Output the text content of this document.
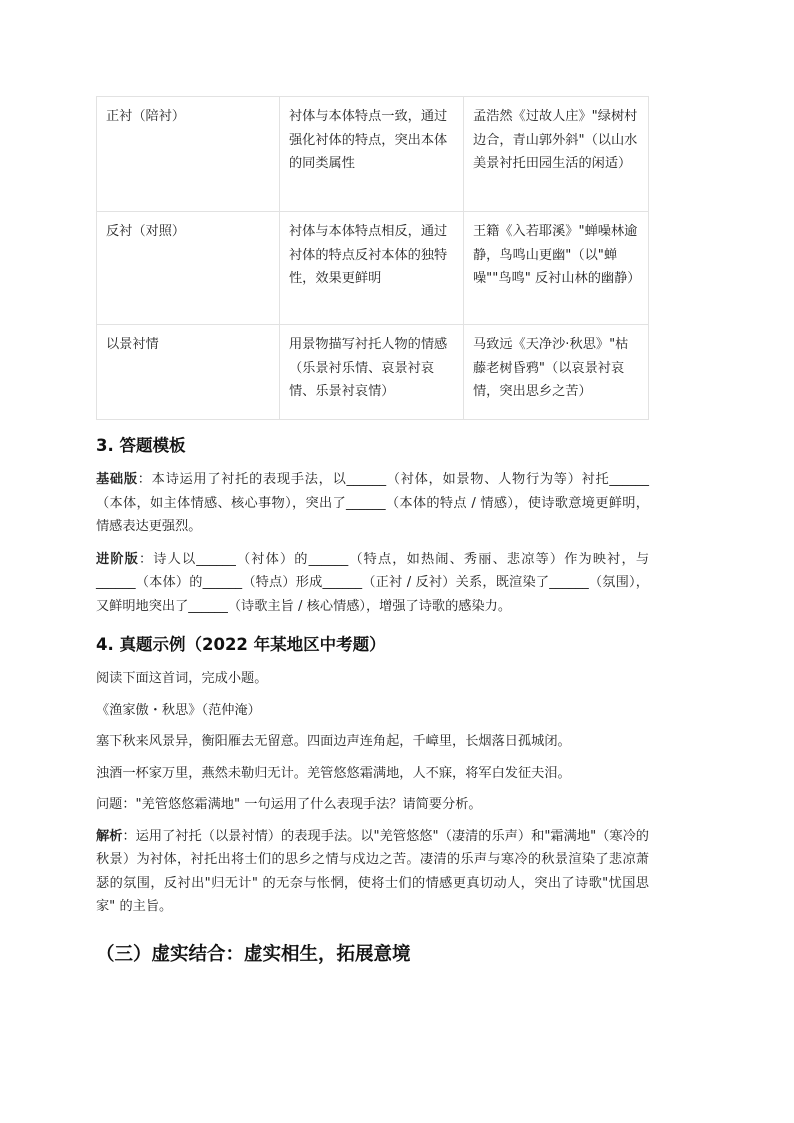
正衬（陪衬）	衬体与本体特点一致，通过强化衬体的特点，突出本体的同类属性	孟浩然《过故人庄》"绿树村边合，青山郭外斜"（以山水美景衬托田园生活的闲适）
反衬（对照）	衬体与本体特点相反，通过衬体的特点反衬本体的独特性，效果更鲜明	王籍《入若耶溪》"蝉噪林逾静，鸟鸣山更幽"（以"蝉噪""鸟鸣" 反衬山林的幽静）
以景衬情	用景物描写衬托人物的情感（乐景衬乐情、哀景衬哀情、乐景衬哀情）	马致远《天净沙·秋思》"枯藤老树昏鸦"（以哀景衬哀情，突出思乡之苦）
3. 答题模板

基础版：本诗运用了衬托的表现手法，以______（衬体，如景物、人物行为等）衬托______（本体，如主体情感、核心事物），突出了______（本体的特点 / 情感），使诗歌意境更鲜明，情感表达更强烈。

进阶版：诗人以______（衬体）的______（特点，如热闹、秀丽、悲凉等）作为映衬，与______（本体）的______（特点）形成______（正衬 / 反衬）关系，既渲染了______（氛围），又鲜明地突出了______（诗歌主旨 / 核心情感），增强了诗歌的感染力。

4. 真题示例（2022 年某地区中考题）

阅读下面这首词，完成小题。

《渔家傲・秋思》（范仲淹）

塞下秋来风景异，衡阳雁去无留意。四面边声连角起，千嶂里，长烟落日孤城闭。

浊酒一杯家万里，燕然未勒归无计。羌管悠悠霜满地，人不寐，将军白发征夫泪。

问题："羌管悠悠霜满地" 一句运用了什么表现手法？请简要分析。

解析：运用了衬托（以景衬情）的表现手法。以"羌管悠悠"（凄清的乐声）和"霜满地"（寒冷的秋景）为衬体，衬托出将士们的思乡之情与戍边之苦。凄清的乐声与寒冷的秋景渲染了悲凉萧瑟的氛围，反衬出"归无计" 的无奈与怅惘，使将士们的情感更真切动人，突出了诗歌"忧国思家" 的主旨。

（三）虚实结合：虚实相生，拓展意境
